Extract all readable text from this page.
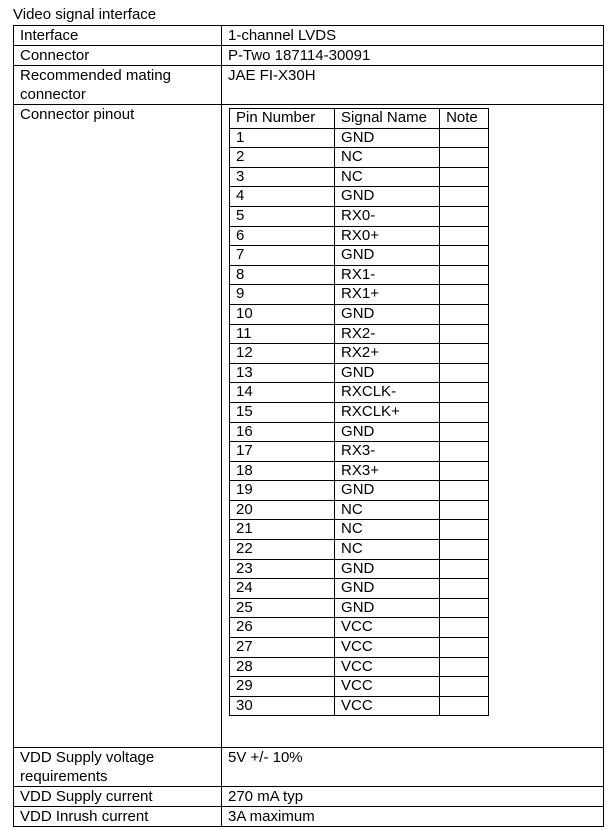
Video signal interface
Interface	1-channel LVDS
Connector	P-Two 187114-30091
Recommended mating connector	JAE FI-X30H
Connector pinout		Pin Number	Signal Name	Note
1	GND	
2	NC	
3	NC	
4	GND	
5	RX0-	
6	RX0+	
7	GND	
8	RX1-	
9	RX1+	
10	GND	
11	RX2-	
12	RX2+	
13	GND	
14	RXCLK-	
15	RXCLK+	
16	GND	
17	RX3-	
18	RX3+	
19	GND	
20	NC	
21	NC	
22	NC	
23	GND	
24	GND	
25	GND	
26	VCC	
27	VCC	
28	VCC	
29	VCC	
30	VCC	

VDD Supply voltage requirements	5V +/- 10%
VDD Supply current	270 mA typ
VDD Inrush current	3A maximum
